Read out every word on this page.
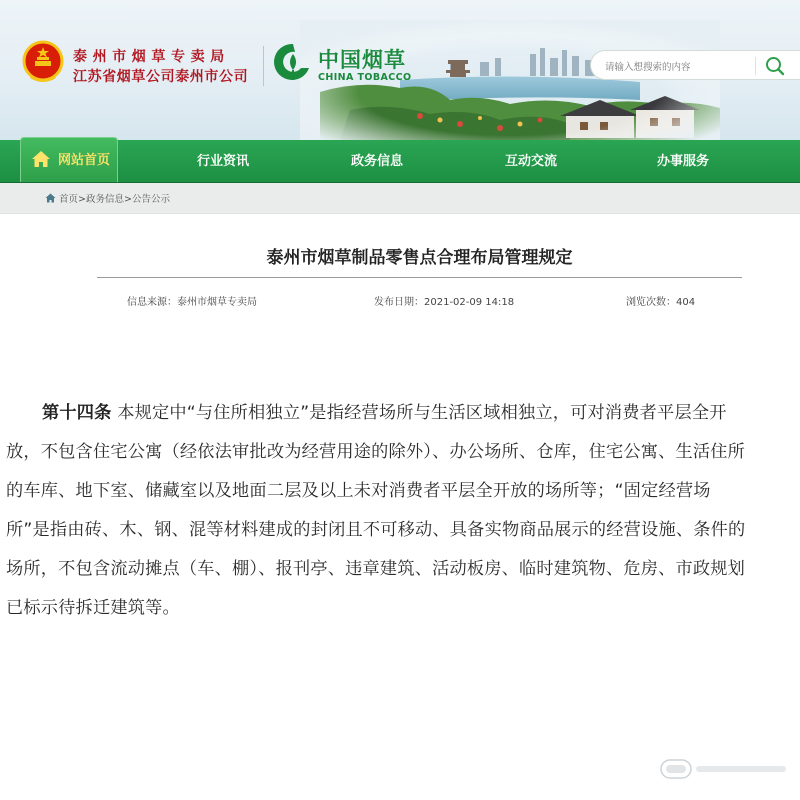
泰州市烟草专卖局
江苏省烟草公司泰州市公司
中国烟草
CHINA TOBACCO
请输入想搜索的内容
网站首页	行业资讯	政务信息	互动交流	办事服务
首页>政务信息>公告公示
泰州市烟草制品零售点合理布局管理规定
信息来源：泰州市烟草专卖局	发布日期：2021-02-09 14:18	浏览次数：404

第十四条 本规定中“与住所相独立”是指经营场所与生活区域相独立，可对消费者平层全开放，不包含住宅公寓（经依法审批改为经营用途的除外）、办公场所、仓库，住宅公寓、生活住所的车库、地下室、储藏室以及地面二层及以上未对消费者平层全开放的场所等；“固定经营场所”是指由砖、木、钢、混等材料建成的封闭且不可移动、具备实物商品展示的经营设施、条件的场所，不包含流动摊点（车、棚）、报刊亭、违章建筑、活动板房、临时建筑物、危房、市政规划已标示待拆迁建筑等。
